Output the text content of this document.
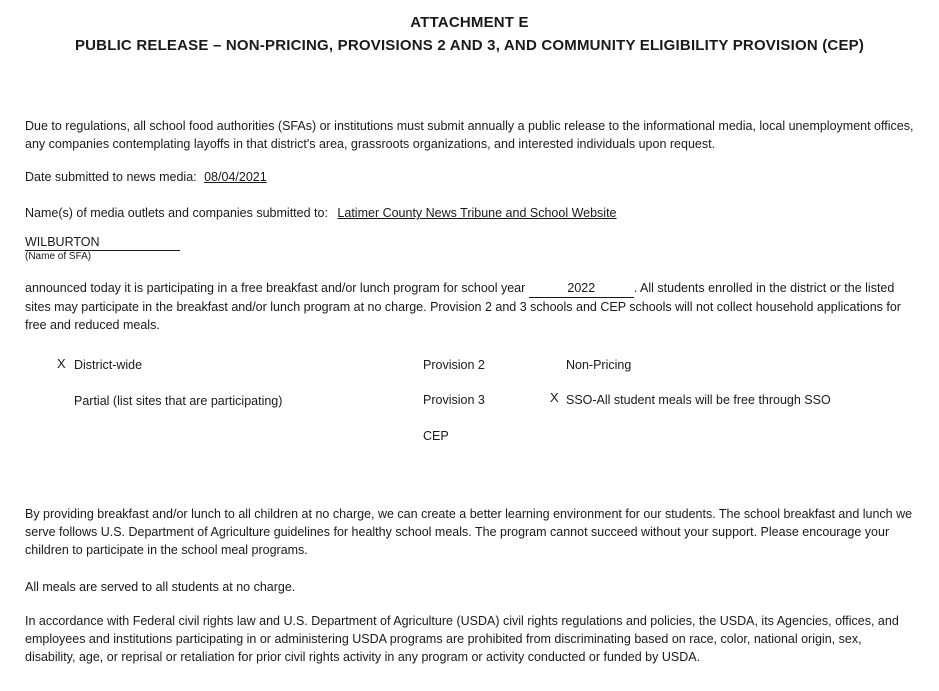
ATTACHMENT E
PUBLIC RELEASE – NON-PRICING, PROVISIONS 2 AND 3, AND COMMUNITY ELIGIBILITY PROVISION (CEP)
Due to regulations, all school food authorities (SFAs) or institutions must submit annually a public release to the informational media, local unemployment offices, any companies contemplating layoffs in that district's area, grassroots organizations, and interested individuals upon request.
Date submitted to news media: 08/04/2021
Name(s) of media outlets and companies submitted to: Latimer County News Tribune and School Website
WILBURTON
(Name of SFA)
announced today it is participating in a free breakfast and/or lunch program for school year	2022	. All students enrolled in the district or the listed sites may participate in the breakfast and/or lunch program at no charge. Provision 2 and 3 schools and CEP schools will not collect household applications for free and reduced meals.
X District-wide
Partial (list sites that are participating)
Provision 2
Provision 3
CEP
Non-Pricing
X SSO-All student meals will be free through SSO
By providing breakfast and/or lunch to all children at no charge, we can create a better learning environment for our students. The school breakfast and lunch we serve follows U.S. Department of Agriculture guidelines for healthy school meals. The program cannot succeed without your support. Please encourage your children to participate in the school meal programs.
All meals are served to all students at no charge.
In accordance with Federal civil rights law and U.S. Department of Agriculture (USDA) civil rights regulations and policies, the USDA, its Agencies, offices, and employees and institutions participating in or administering USDA programs are prohibited from discriminating based on race, color, national origin, sex, disability, age, or reprisal or retaliation for prior civil rights activity in any program or activity conducted or funded by USDA.
